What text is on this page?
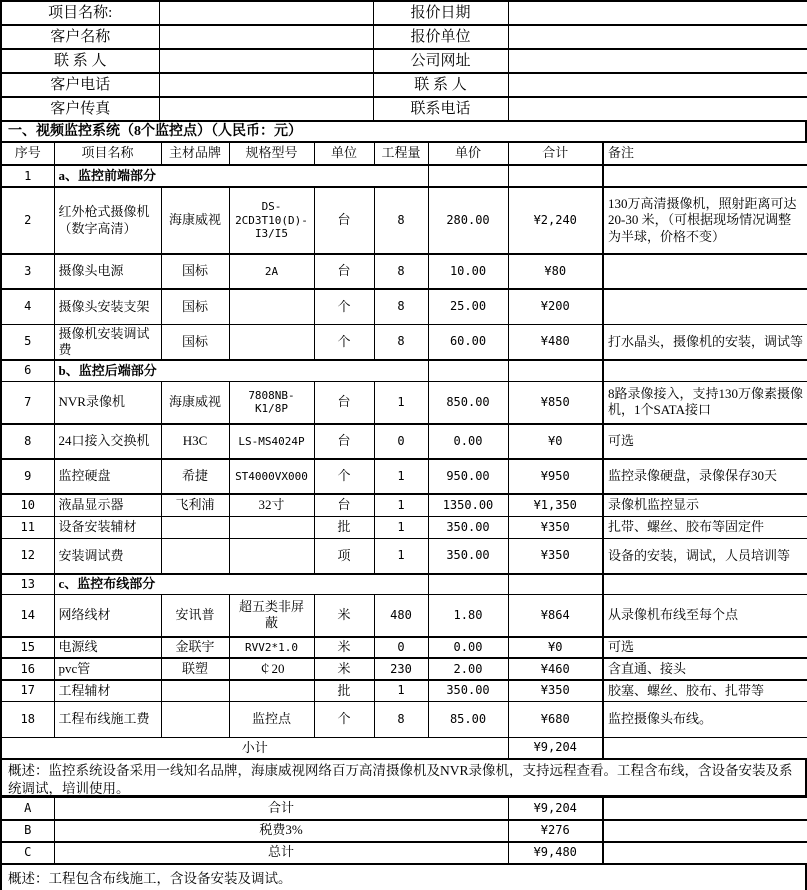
项目名称:		报价日期	
客户名称		报价单位	
联 系 人		公司网址	
客户电话		联 系 人	
客户传真		联系电话	
一、视频监控系统（8个监控点）（人民币：元）
序号	项目名称	主材品牌	规格型号	单位	工程量	单价	合计	备注
1	a、监控前端部分							
2	红外枪式摄像机（数字高清）	海康威视	DS-2CD3T10(D)-I3/I5	台	8	280.00	¥2,240	130万高清摄像机，照射距离可达20-30 米，（可根据现场情况调整为半球，价格不变）
3	摄像头电源	国标	2A	台	8	10.00	¥80	
4	摄像头安装支架	国标		个	8	25.00	¥200	
5	摄像机安装调试费	国标		个	8	60.00	¥480	打水晶头，摄像机的安装，调试等
6	b、监控后端部分							
7	NVR录像机	海康威视	7808NB-K1/8P	台	1	850.00	¥850	8路录像接入，支持130万像素摄像机，1个SATA接口
8	24口接入交换机	H3C	LS-MS4024P	台	0	0.00	¥0	可选
9	监控硬盘	希捷	ST4000VX000	个	1	950.00	¥950	监控录像硬盘，录像保存30天
10	液晶显示器	飞利浦	32寸	台	1	1350.00	¥1,350	录像机监控显示
11	设备安装辅材			批	1	350.00	¥350	扎带、螺丝、胶布等固定件
12	安装调试费			项	1	350.00	¥350	设备的安装，调试，人员培训等
13	c、监控布线部分							
14	网络线材	安讯普	超五类非屏蔽	米	480	1.80	¥864	从录像机布线至每个点
15	电源线	金联宇	RVV2*1.0	米	0	0.00	¥0	可选
16	pvc管	联塑	￠20	米	230	2.00	¥460	含直通、接头
17	工程辅材			批	1	350.00	¥350	胶塞、螺丝、胶布、扎带等
18	工程布线施工费		监控点	个	8	85.00	¥680	监控摄像头布线。
小计							¥9,204	
概述：监控系统设备采用一线知名品牌，海康威视网络百万高清摄像机及NVR录像机，支持远程查看。工程含布线，含设备安装及系统调试，培训使用。
A	合计	¥9,204	
B	税费3%	¥276	
C	总计	¥9,480	
概述：工程包含布线施工，含设备安装及调试。
